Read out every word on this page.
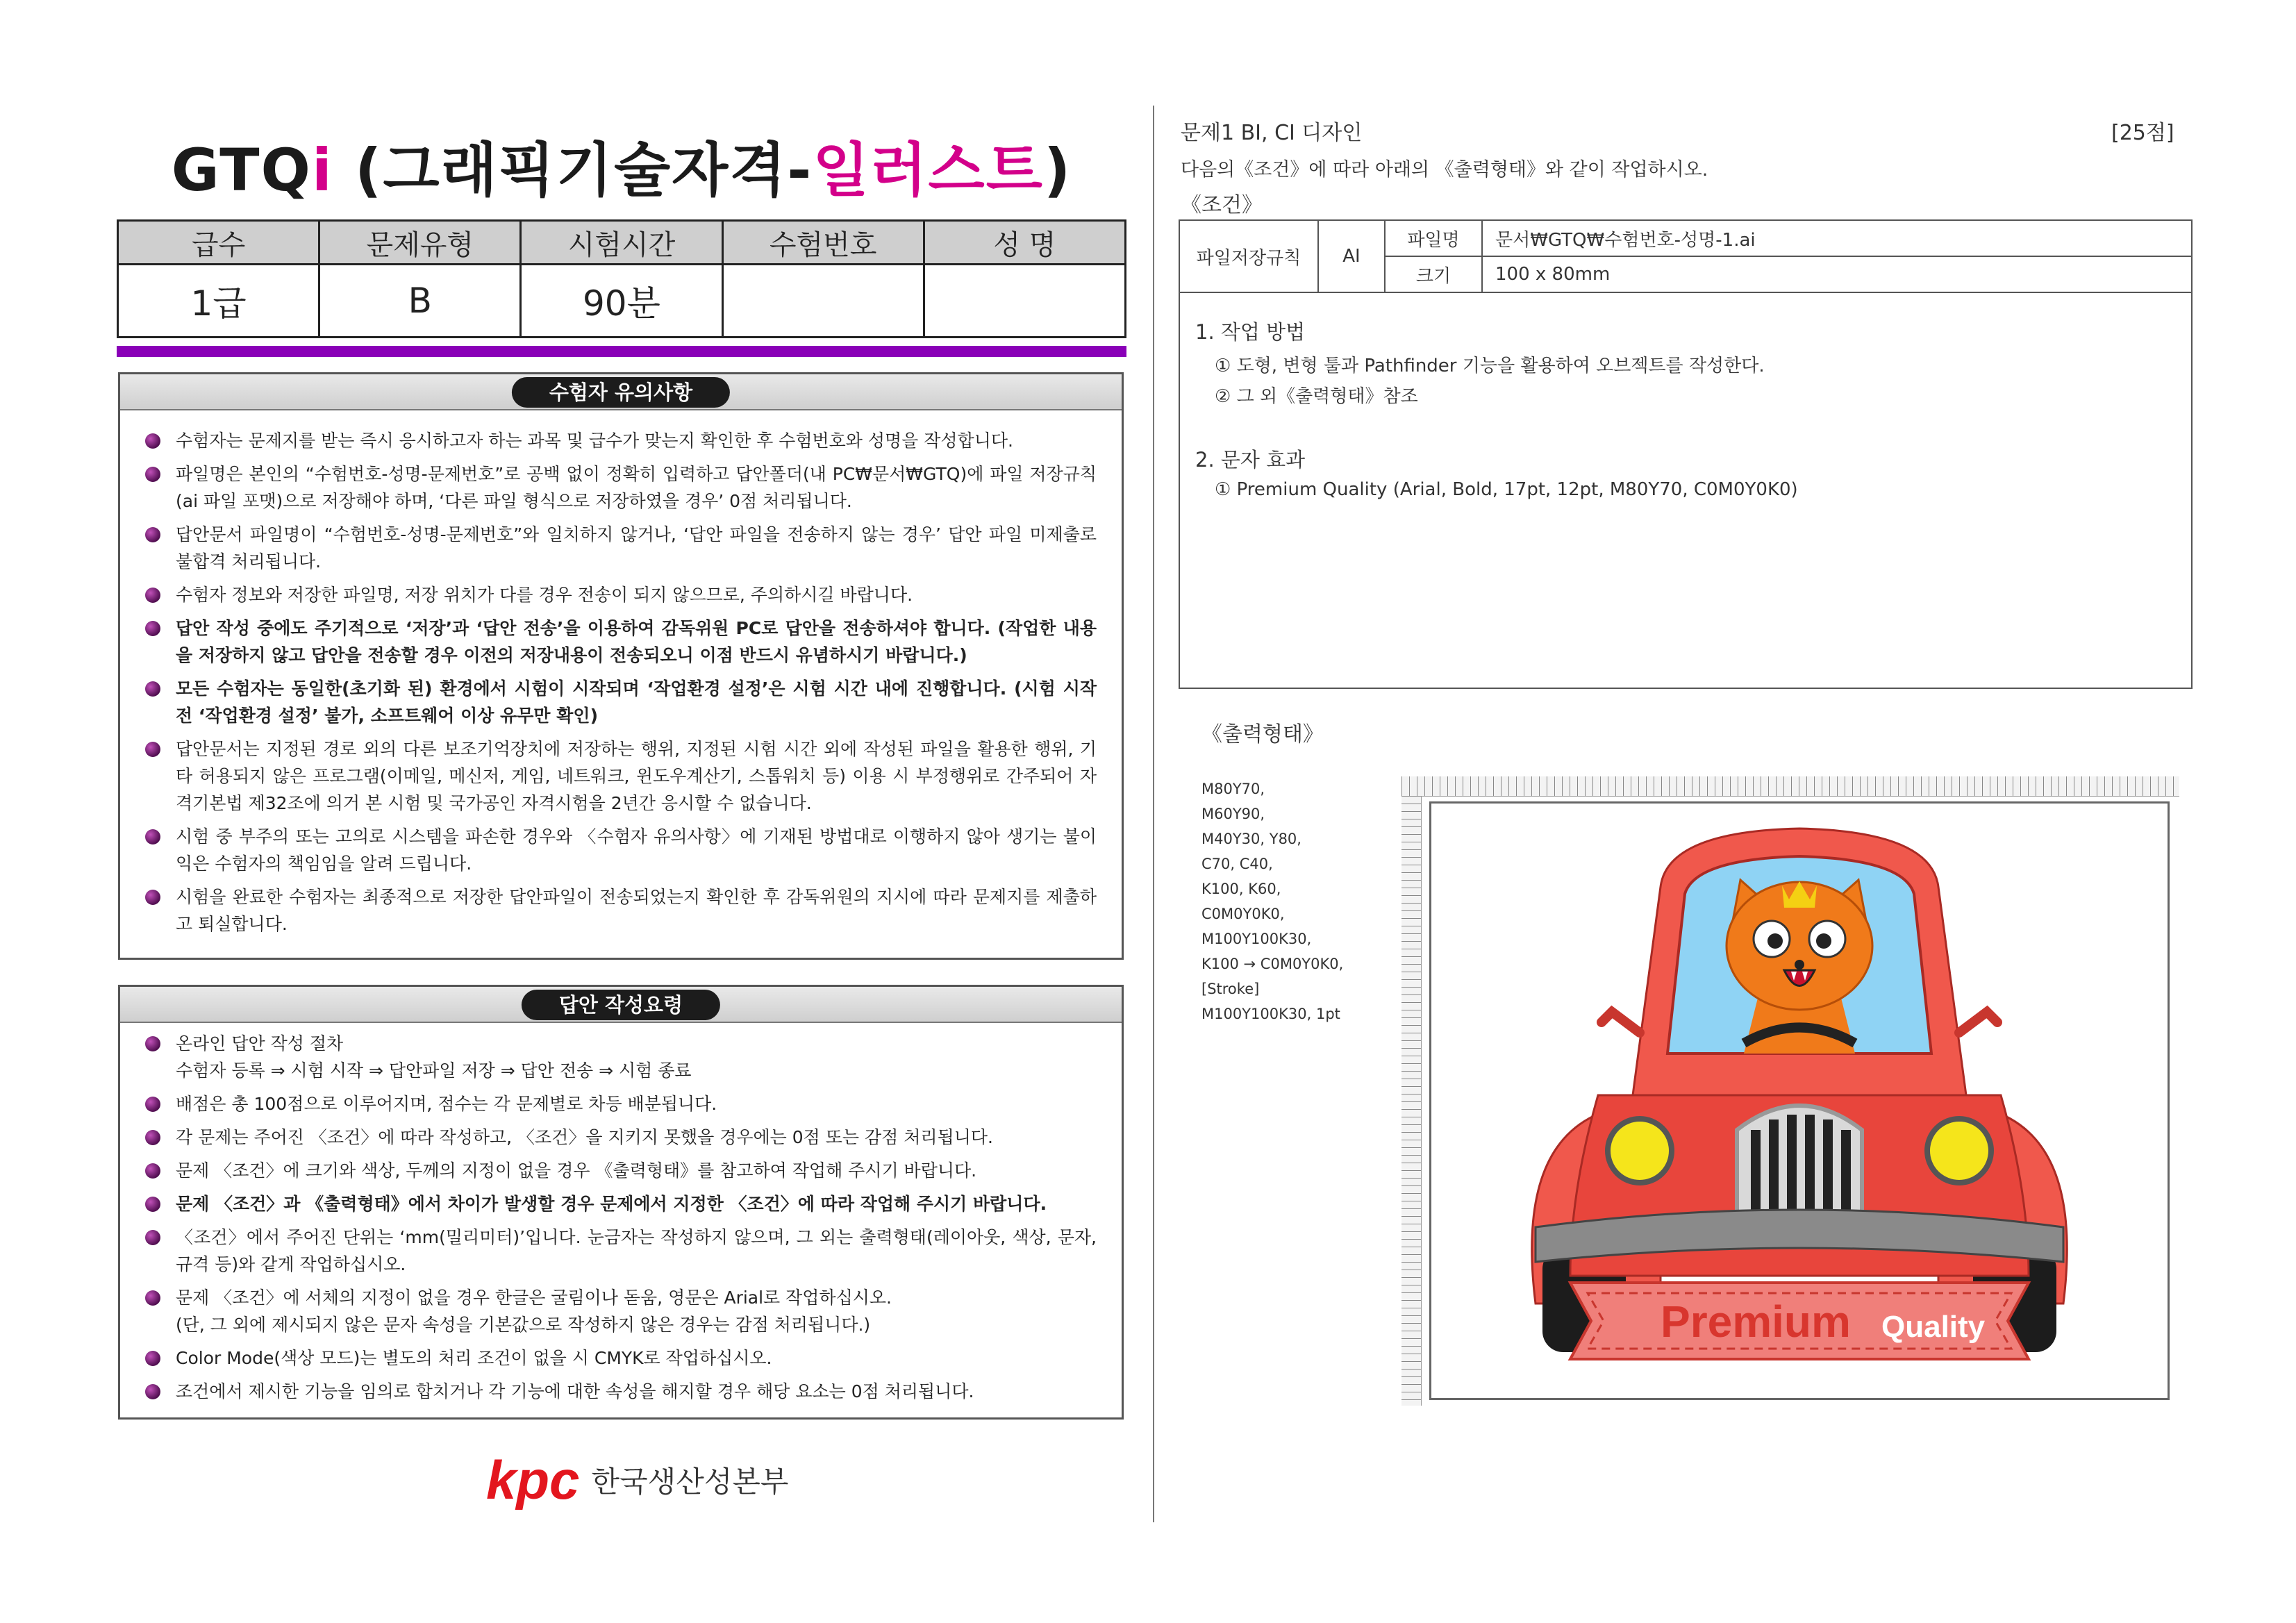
GTQi (그래픽기술자격-일러스트)
급수	문제유형	시험시간	수험번호	성 명
1급	B	90분		
수험자 유의사항
수험자는 문제지를 받는 즉시 응시하고자 하는 과목 및 급수가 맞는지 확인한 후 수험번호와 성명을 작성합니다.
파일명은 본인의 “수험번호-성명-문제번호”로 공백 없이 정확히 입력하고 답안폴더(내 PC₩문서₩GTQ)에 파일 저장규칙(ai 파일 포맷)으로 저장해야 하며, ‘다른 파일 형식으로 저장하였을 경우’ 0점 처리됩니다.
답안문서 파일명이 “수험번호-성명-문제번호”와 일치하지 않거나, ‘답안 파일을 전송하지 않는 경우’ 답안 파일 미제출로 불합격 처리됩니다.
수험자 정보와 저장한 파일명, 저장 위치가 다를 경우 전송이 되지 않으므로, 주의하시길 바랍니다.
답안 작성 중에도 주기적으로 ‘저장’과 ‘답안 전송’을 이용하여 감독위원 PC로 답안을 전송하셔야 합니다. (작업한 내용을 저장하지 않고 답안을 전송할 경우 이전의 저장내용이 전송되오니 이점 반드시 유념하시기 바랍니다.)
모든 수험자는 동일한(초기화 된) 환경에서 시험이 시작되며 ‘작업환경 설정’은 시험 시간 내에 진행합니다. (시험 시작 전 ‘작업환경 설정’ 불가, 소프트웨어 이상 유무만 확인)
답안문서는 지정된 경로 외의 다른 보조기억장치에 저장하는 행위, 지정된 시험 시간 외에 작성된 파일을 활용한 행위, 기타 허용되지 않은 프로그램(이메일, 메신저, 게임, 네트워크, 윈도우계산기, 스톱워치 등) 이용 시 부정행위로 간주되어 자격기본법 제32조에 의거 본 시험 및 국가공인 자격시험을 2년간 응시할 수 없습니다.
시험 중 부주의 또는 고의로 시스템을 파손한 경우와 〈수험자 유의사항〉에 기재된 방법대로 이행하지 않아 생기는 불이익은 수험자의 책임임을 알려 드립니다.
시험을 완료한 수험자는 최종적으로 저장한 답안파일이 전송되었는지 확인한 후 감독위원의 지시에 따라 문제지를 제출하고 퇴실합니다.
답안 작성요령
온라인 답안 작성 절차
수험자 등록 ⇒ 시험 시작 ⇒ 답안파일 저장 ⇒ 답안 전송 ⇒ 시험 종료
배점은 총 100점으로 이루어지며, 점수는 각 문제별로 차등 배분됩니다.
각 문제는 주어진 〈조건〉에 따라 작성하고, 〈조건〉을 지키지 못했을 경우에는 0점 또는 감점 처리됩니다.
문제 〈조건〉에 크기와 색상, 두께의 지정이 없을 경우 《출력형태》를 참고하여 작업해 주시기 바랍니다.
문제 〈조건〉과 《출력형태》에서 차이가 발생할 경우 문제에서 지정한 〈조건〉에 따라 작업해 주시기 바랍니다.
〈조건〉에서 주어진 단위는 ‘mm(밀리미터)’입니다. 눈금자는 작성하지 않으며, 그 외는 출력형태(레이아웃, 색상, 문자, 규격 등)와 같게 작업하십시오.
문제 〈조건〉에 서체의 지정이 없을 경우 한글은 굴림이나 돋움, 영문은 Arial로 작업하십시오.
(단, 그 외에 제시되지 않은 문자 속성을 기본값으로 작성하지 않은 경우는 감점 처리됩니다.)
Color Mode(색상 모드)는 별도의 처리 조건이 없을 시 CMYK로 작업하십시오.
조건에서 제시한 기능을 임의로 합치거나 각 기능에 대한 속성을 해지할 경우 해당 요소는 0점 처리됩니다.
kpc 한국생산성본부
문제1 BI, CI 디자인	[25점]
다음의《조건》에 따라 아래의 《출력형태》와 같이 작업하시오.
《조건》
파일저장규칙	AI	파일명	문서₩GTQ₩수험번호-성명-1.ai
		크기	100 x 80mm
1. 작업 방법
① 도형, 변형 툴과 Pathfinder 기능을 활용하여 오브젝트를 작성한다.
② 그 외《출력형태》참조
2. 문자 효과
① Premium Quality (Arial, Bold, 17pt, 12pt, M80Y70, C0M0Y0K0)
《출력형태》
M80Y70,
M60Y90,
M40Y30, Y80,
C70, C40,
K100, K60,
C0M0Y0K0,
M100Y100K30,
K100 → C0M0Y0K0,
[Stroke]
M100Y100K30, 1pt
Premium Quality
